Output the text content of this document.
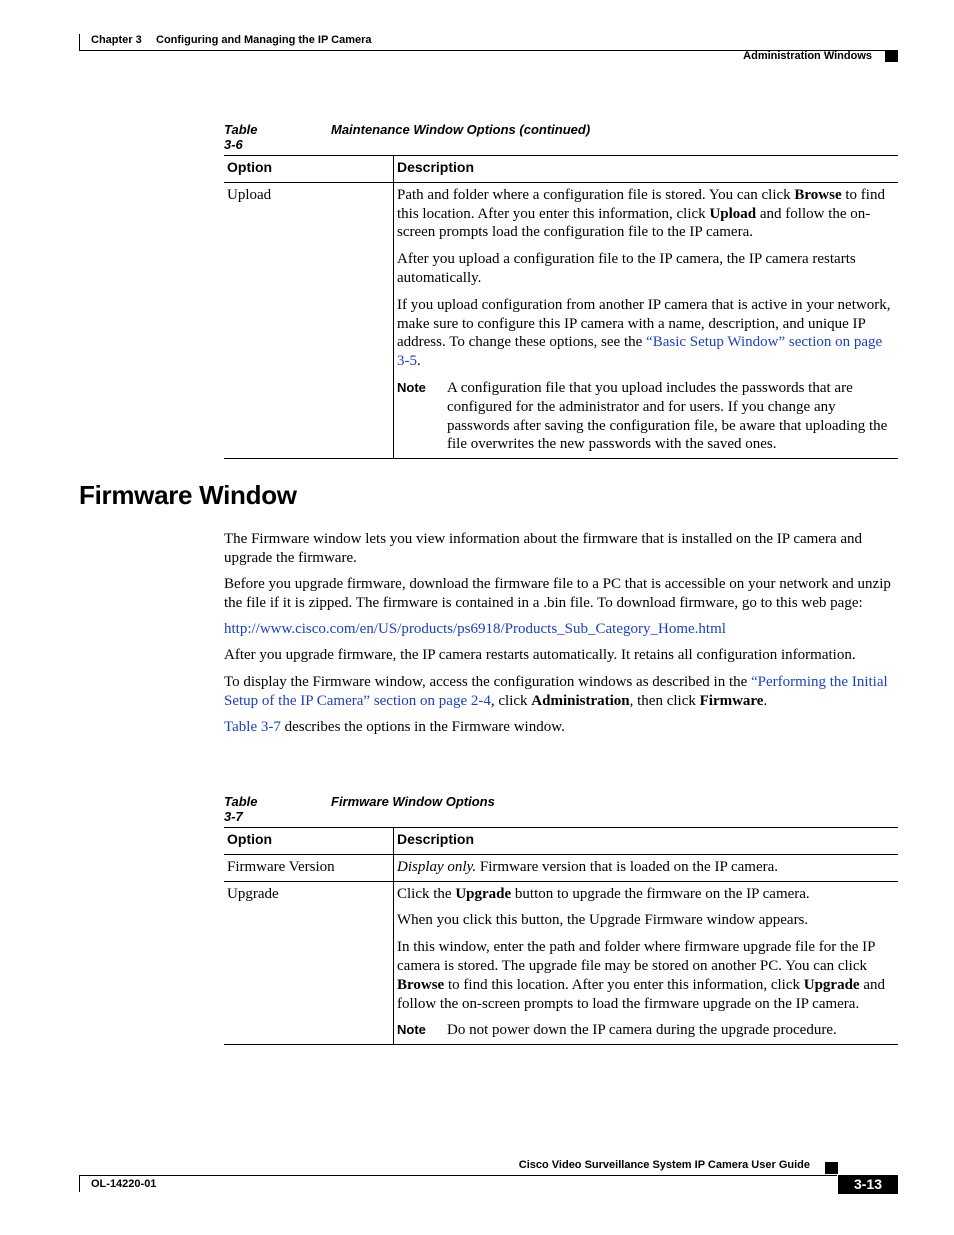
Chapter 3 Configuring and Managing the IP Camera
Administration Windows
Table 3-6
Maintenance Window Options (continued)
Option	Description
Upload	Path and folder where a configuration file is stored. You can click Browse to find this location. After you enter this information, click Upload and follow the on-screen prompts load the configuration file to the IP camera.

After you upload a configuration file to the IP camera, the IP camera restarts automatically.

If you upload configuration from another IP camera that is active in your network, make sure to configure this IP camera with a name, description, and unique IP address. To change these options, see the “Basic Setup Window” section on page 3-5.

Note A configuration file that you upload includes the passwords that are configured for the administrator and for users. If you change any passwords after saving the configuration file, be aware that uploading the file overwrites the new passwords with the saved ones.
Firmware Window

The Firmware window lets you view information about the firmware that is installed on the IP camera and upgrade the firmware.

Before you upgrade firmware, download the firmware file to a PC that is accessible on your network and unzip the file if it is zipped. The firmware is contained in a .bin file. To download firmware, go to this web page:

http://www.cisco.com/en/US/products/ps6918/Products_Sub_Category_Home.html

After you upgrade firmware, the IP camera restarts automatically. It retains all configuration information.

To display the Firmware window, access the configuration windows as described in the “Performing the Initial Setup of the IP Camera” section on page 2-4, click Administration, then click Firmware.

Table 3-7 describes the options in the Firmware window.

Table 3-7
Firmware Window Options
Option	Description
Firmware Version	Display only. Firmware version that is loaded on the IP camera.
Upgrade	Click the Upgrade button to upgrade the firmware on the IP camera.

When you click this button, the Upgrade Firmware window appears.

In this window, enter the path and folder where firmware upgrade file for the IP camera is stored. The upgrade file may be stored on another PC. You can click Browse to find this location. After you enter this information, click Upgrade and follow the on-screen prompts to load the firmware upgrade on the IP camera.

Note Do not power down the IP camera during the upgrade procedure.
Cisco Video Surveillance System IP Camera User Guide
OL-14220-01	3-13
